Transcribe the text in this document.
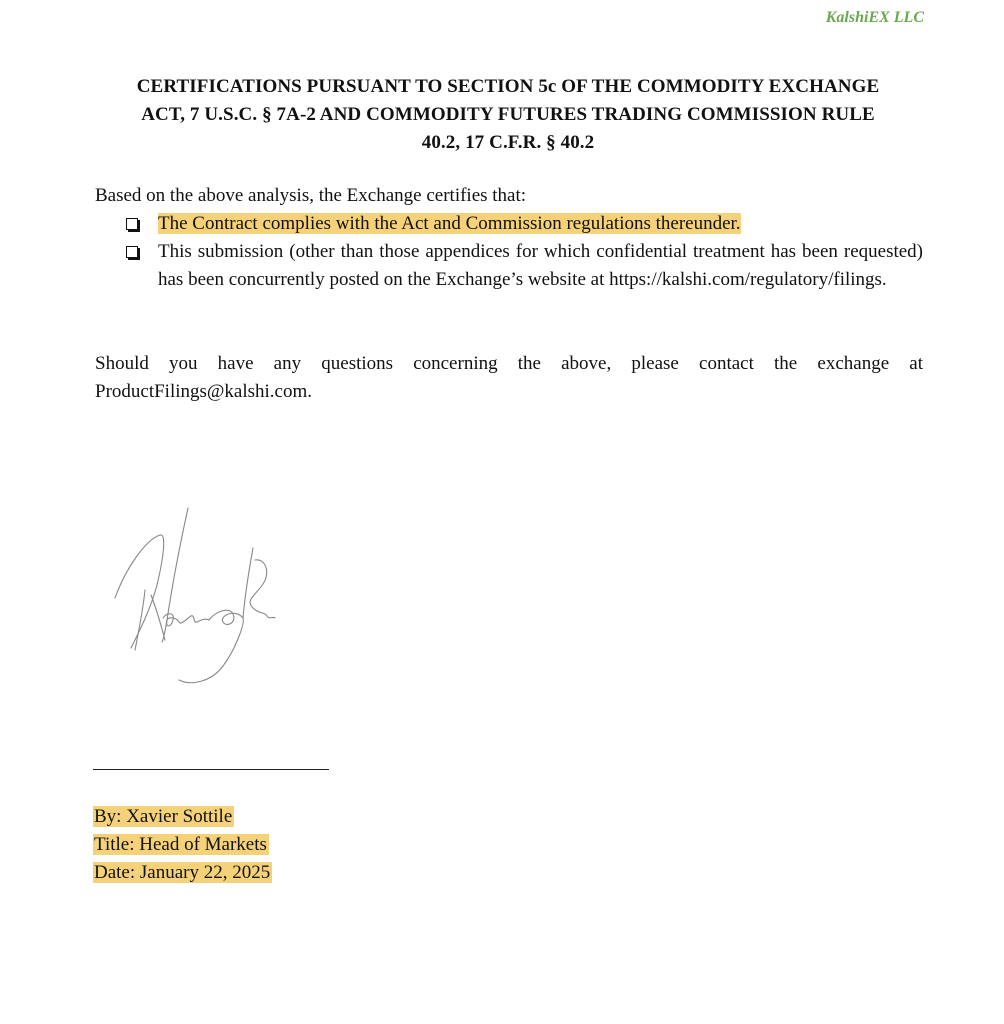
KalshiEX LLC
CERTIFICATIONS PURSUANT TO SECTION 5c OF THE COMMODITY EXCHANGE
ACT, 7 U.S.C. § 7A-2 AND COMMODITY FUTURES TRADING COMMISSION RULE
40.2, 17 C.F.R. § 40.2
Based on the above analysis, the Exchange certifies that:
The Contract complies with the Act and Commission regulations thereunder.
This submission (other than those appendices for which confidential treatment has been requested) has been concurrently posted on the Exchange’s website at https://kalshi.com/regulatory/filings.
Should you have any questions concerning the above, please contact the exchange at ProductFilings@kalshi.com.
By: Xavier Sottile
Title: Head of Markets
Date: January 22, 2025
